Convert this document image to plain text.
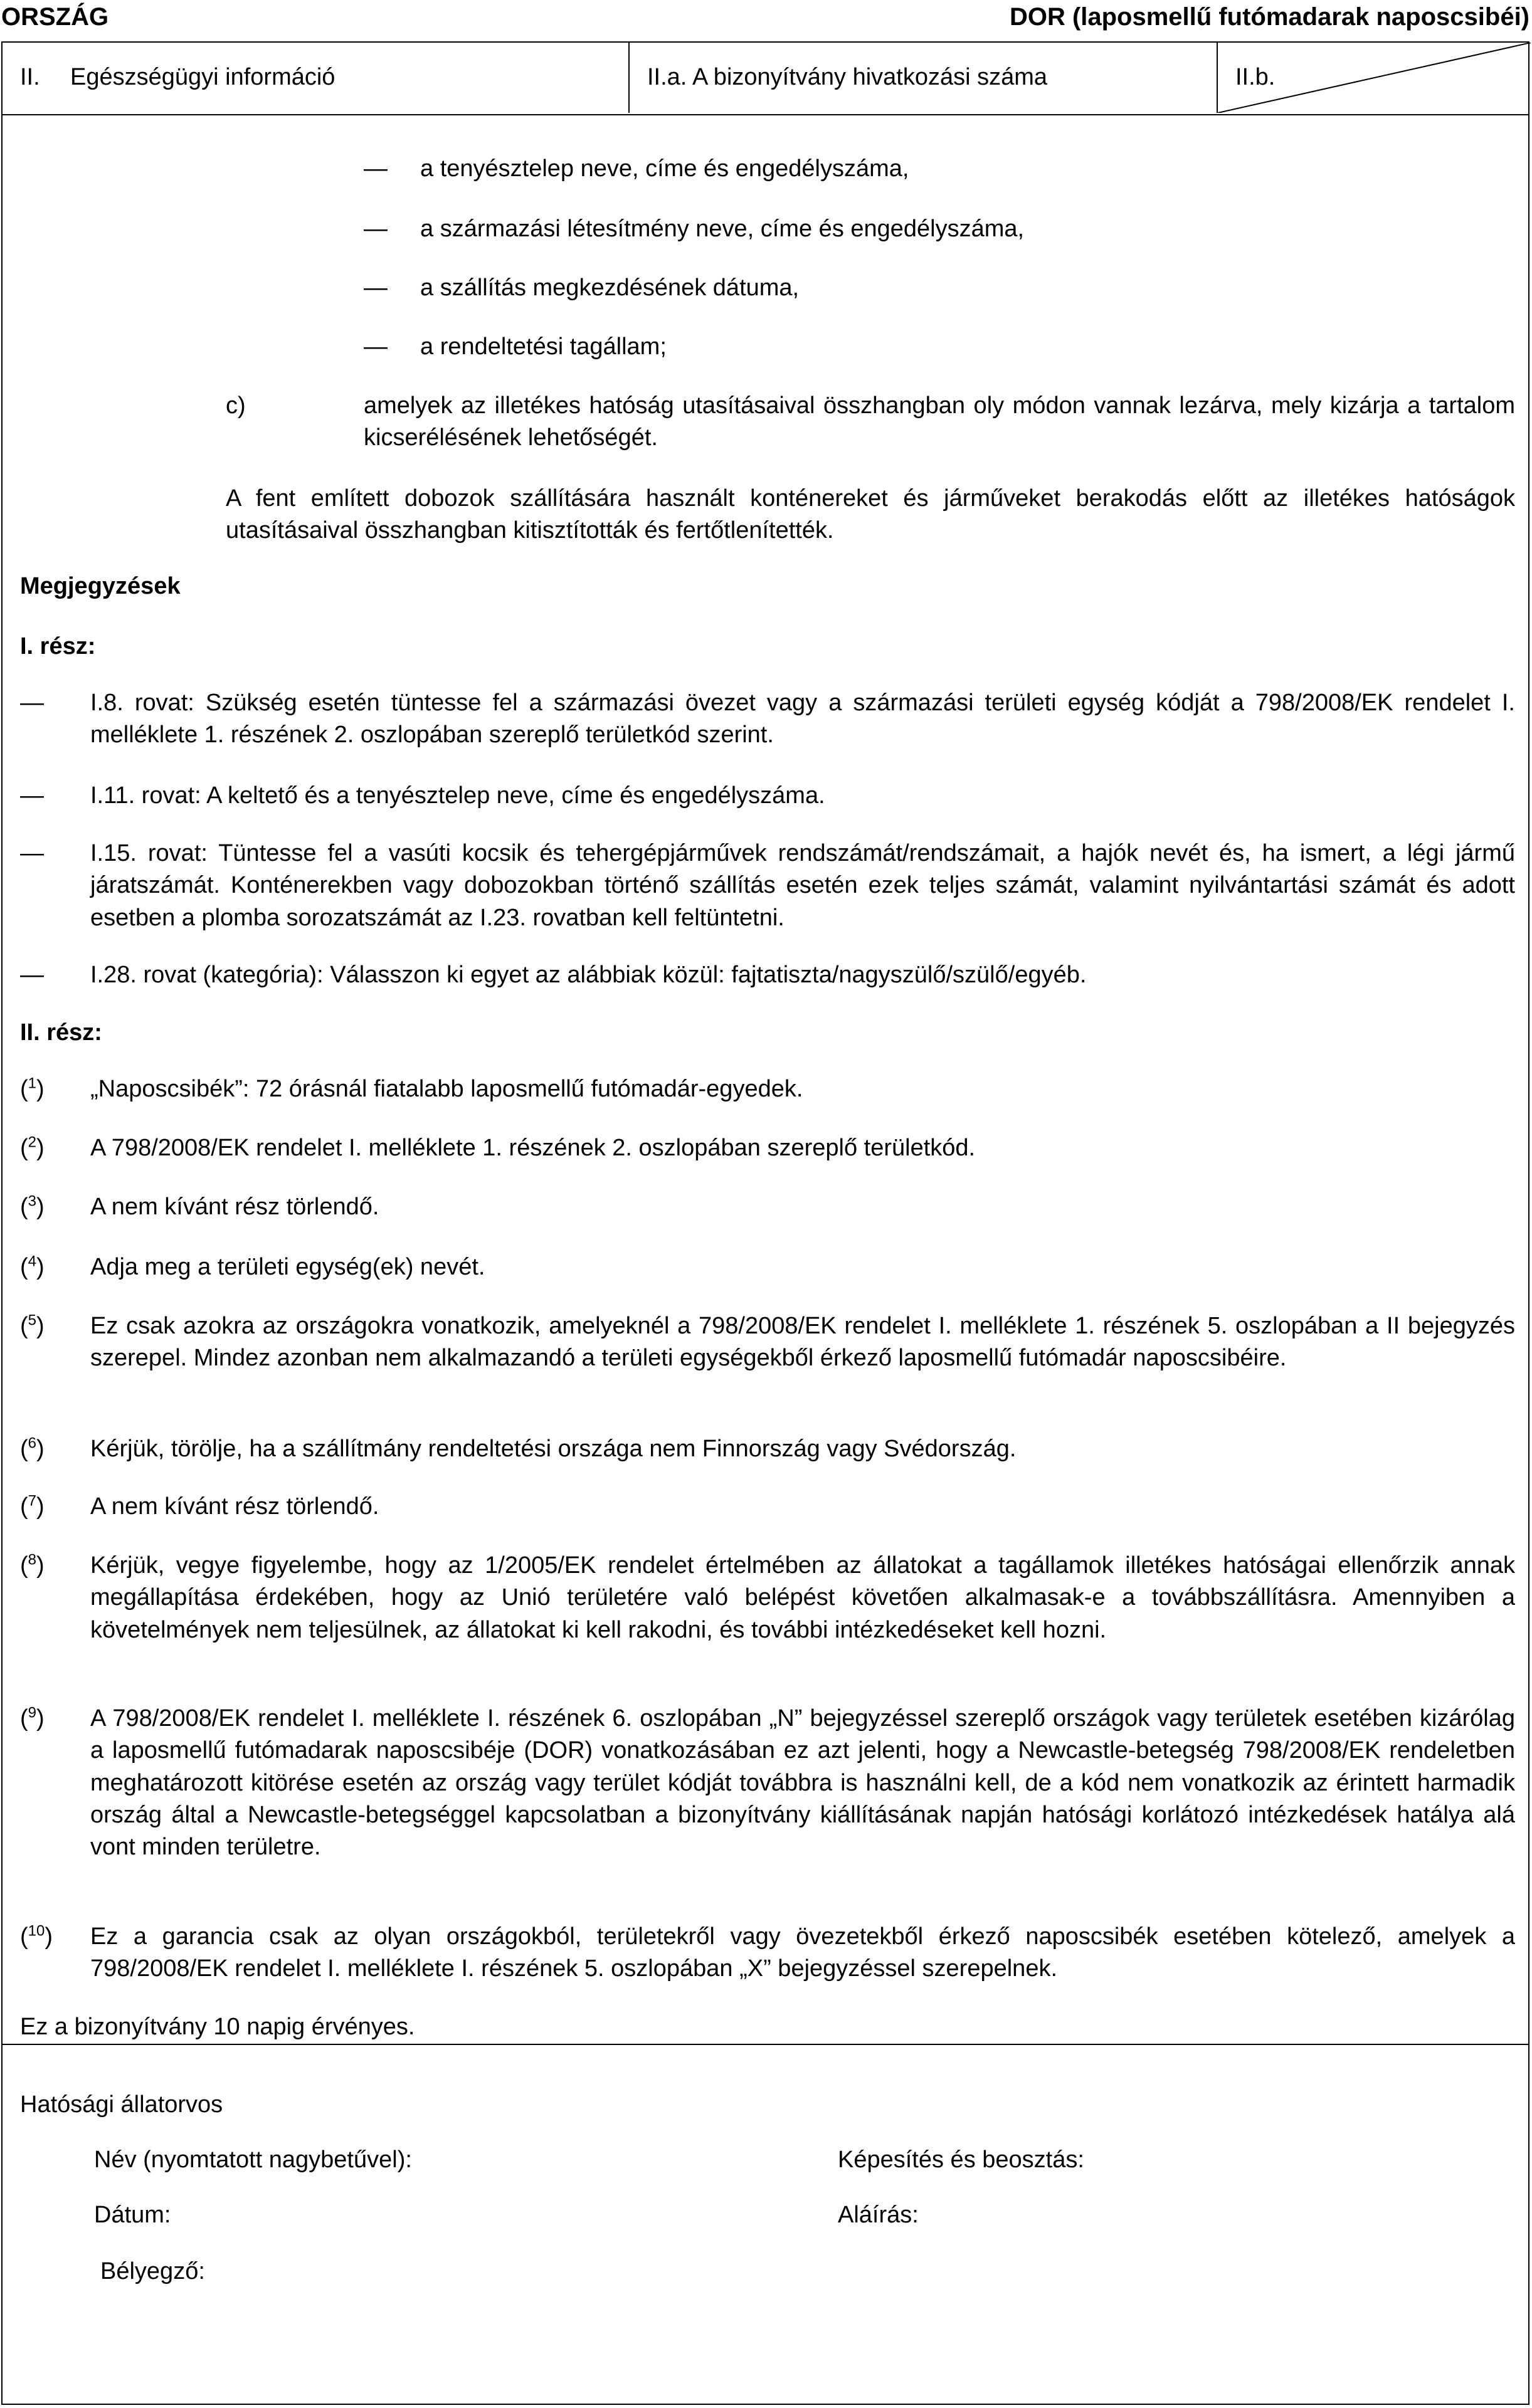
ORSZÁG	DOR (laposmellű futómadarak naposcsibéi)
II.	Egészségügyi információ	II.a. A bizonyítvány hivatkozási száma	II.b.
— a tenyésztelep neve, címe és engedélyszáma,
— a származási létesítmény neve, címe és engedélyszáma,
— a szállítás megkezdésének dátuma,
— a rendeltetési tagállam;
c)	amelyek az illetékes hatóság utasításaival összhangban oly módon vannak lezárva, mely kizárja a tartalom kicserélésének lehetőségét.
A fent említett dobozok szállítására használt konténereket és járműveket berakodás előtt az illetékes hatóságok utasításaival összhangban kitisztították és fertőtlenítették.
Megjegyzések
I. rész:
— I.8. rovat: Szükség esetén tüntesse fel a származási övezet vagy a származási területi egység kódját a 798/2008/EK rendelet I. melléklete 1. részének 2. oszlopában szereplő területkód szerint.
— I.11. rovat: A keltető és a tenyésztelep neve, címe és engedélyszáma.
— I.15. rovat: Tüntesse fel a vasúti kocsik és tehergépjárművek rendszámát/rendszámait, a hajók nevét és, ha ismert, a légi jármű járatszámát. Konténerekben vagy dobozokban történő szállítás esetén ezek teljes számát, valamint nyilvántartási számát és adott esetben a plomba sorozatszámát az I.23. rovatban kell feltüntetni.
— I.28. rovat (kategória): Válasszon ki egyet az alábbiak közül: fajtatiszta/nagyszülő/szülő/egyéb.
II. rész:
($^1$) „Naposcsibék”: 72 órásnál fiatalabb laposmellű futómadár-egyedek.
($^2$) A 798/2008/EK rendelet I. melléklete 1. részének 2. oszlopában szereplő területkód.
($^3$) A nem kívánt rész törlendő.
($^4$) Adja meg a területi egység(ek) nevét.
($^5$) Ez csak azokra az országokra vonatkozik, amelyeknél a 798/2008/EK rendelet I. melléklete 1. részének 5. oszlopában a II bejegyzés szerepel. Mindez azonban nem alkalmazandó a területi egységekből érkező laposmellű futómadár naposcsibéire.
($^6$) Kérjük, törölje, ha a szállítmány rendeltetési országa nem Finnország vagy Svédország.
($^7$) A nem kívánt rész törlendő.
($^8$) Kérjük, vegye figyelembe, hogy az 1/2005/EK rendelet értelmében az állatokat a tagállamok illetékes hatóságai ellenőrzik annak megállapítása érdekében, hogy az Unió területére való belépést követően alkalmasak-e a továbbszállításra. Amennyiben a követelmények nem teljesülnek, az állatokat ki kell rakodni, és további intézkedéseket kell hozni.
($^9$) A 798/2008/EK rendelet I. melléklete I. részének 6. oszlopában „N” bejegyzéssel szereplő országok vagy területek esetében kizárólag a laposmellű futómadarak naposcsibéje (DOR) vonatkozásában ez azt jelenti, hogy a Newcastle-betegség 798/2008/EK rendeletben meghatározott kitörése esetén az ország vagy terület kódját továbbra is használni kell, de a kód nem vonatkozik az érintett harmadik ország által a Newcastle-betegséggel kapcsolatban a bizonyítvány kiállításának napján hatósági korlátozó intézkedések hatálya alá vont minden területre.
($^{10}$) Ez a garancia csak az olyan országokból, területekről vagy övezetekből érkező naposcsibék esetében kötelező, amelyek a 798/2008/EK rendelet I. melléklete I. részének 5. oszlopában „X” bejegyzéssel szerepelnek.
Ez a bizonyítvány 10 napig érvényes.
Hatósági állatorvos
Név (nyomtatott nagybetűvel):	Képesítés és beosztás:
Dátum:	Aláírás:
Bélyegző:
